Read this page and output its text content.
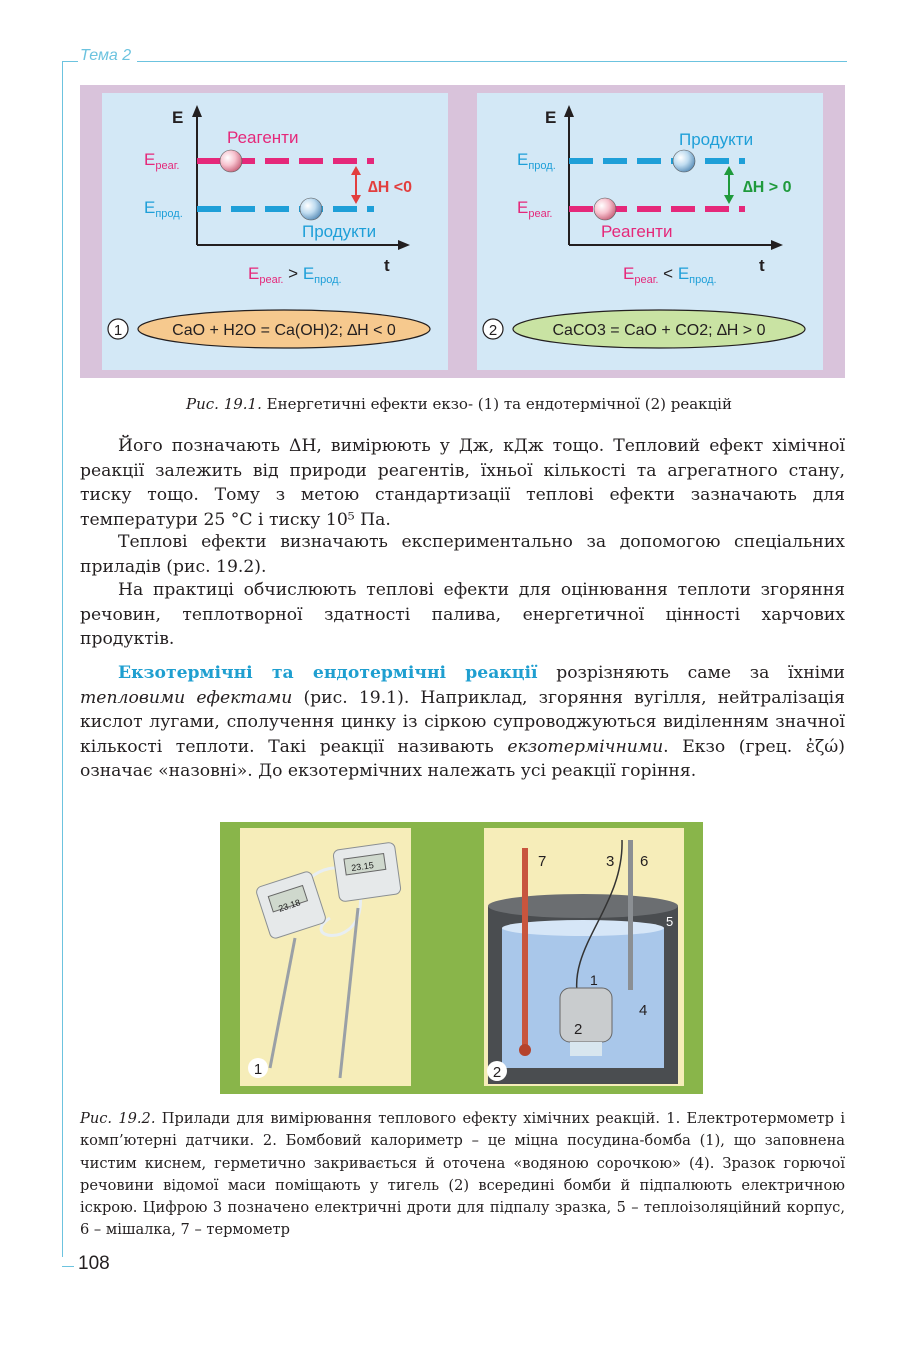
Тема 2
E
t
$E_{реаг.}$
Реагенти
$E_{прод.}$
Продукти
∆H <0
$E_{реаг.} > E_{прод.}$
1	CaO + H2O = Ca(OH)2; ∆H < 0
E
t
$E_{прод.}$
Продукти
$E_{реаг.}$
Реагенти
∆H > 0
$E_{реаг.} < E_{прод.}$
2	CaCO3 = CaO + CO2; ∆H > 0
Рис. 19.1. Енергетичні ефекти екзо- (1) та ендотермічної (2) реакцій

Його позначають ΔH, вимірюють у Дж, кДж тощо. Тепловий ефект хімічної реакції залежить від природи реагентів, їхньої кількості та агрегатного стану, тиску тощо. Тому з метою стандартизації теплові ефекти зазначають для температури 25 °С і тиску 10⁵ Па.

Теплові ефекти визначають експериментально за допомогою спеціальних приладів (рис. 19.2).

На практиці обчислюють теплові ефекти для оцінювання теплоти згоряння речовин, теплотворної здатності палива, енергетичної цінності харчових продуктів.

Екзотермічні та ендотермічні реакції розрізняють саме за їхніми тепловими ефектами (рис. 19.1). Наприклад, згоряння вугілля, нейтралізація кислот лугами, сполучення цинку із сіркою супроводжуються виділенням значної кількості теплоти. Такі реакції називають екзотермічними. Екзо (грец. ἐζώ) означає «назовні». До екзотермічних належать усі реакції горіння.

23.18
23.15
1
7	3 6
5
1
4
2
2

Рис. 19.2. Прилади для вимірювання теплового ефекту хімічних реакцій. 1. Електротермометр і комп’ютерні датчики. 2. Бомбовий калориметр – це міцна посудина-бомба (1), що заповнена чистим киснем, герметично закривається й оточена «водяною сорочкою» (4). Зразок горючої речовини відомої маси поміщають у тигель (2) всередині бомби й підпалюють електричною іскрою. Цифрою 3 позначено електричні дроти для підпалу зразка, 5 – теплоізоляційний корпус, 6 – мішалка, 7 – термометр

108
